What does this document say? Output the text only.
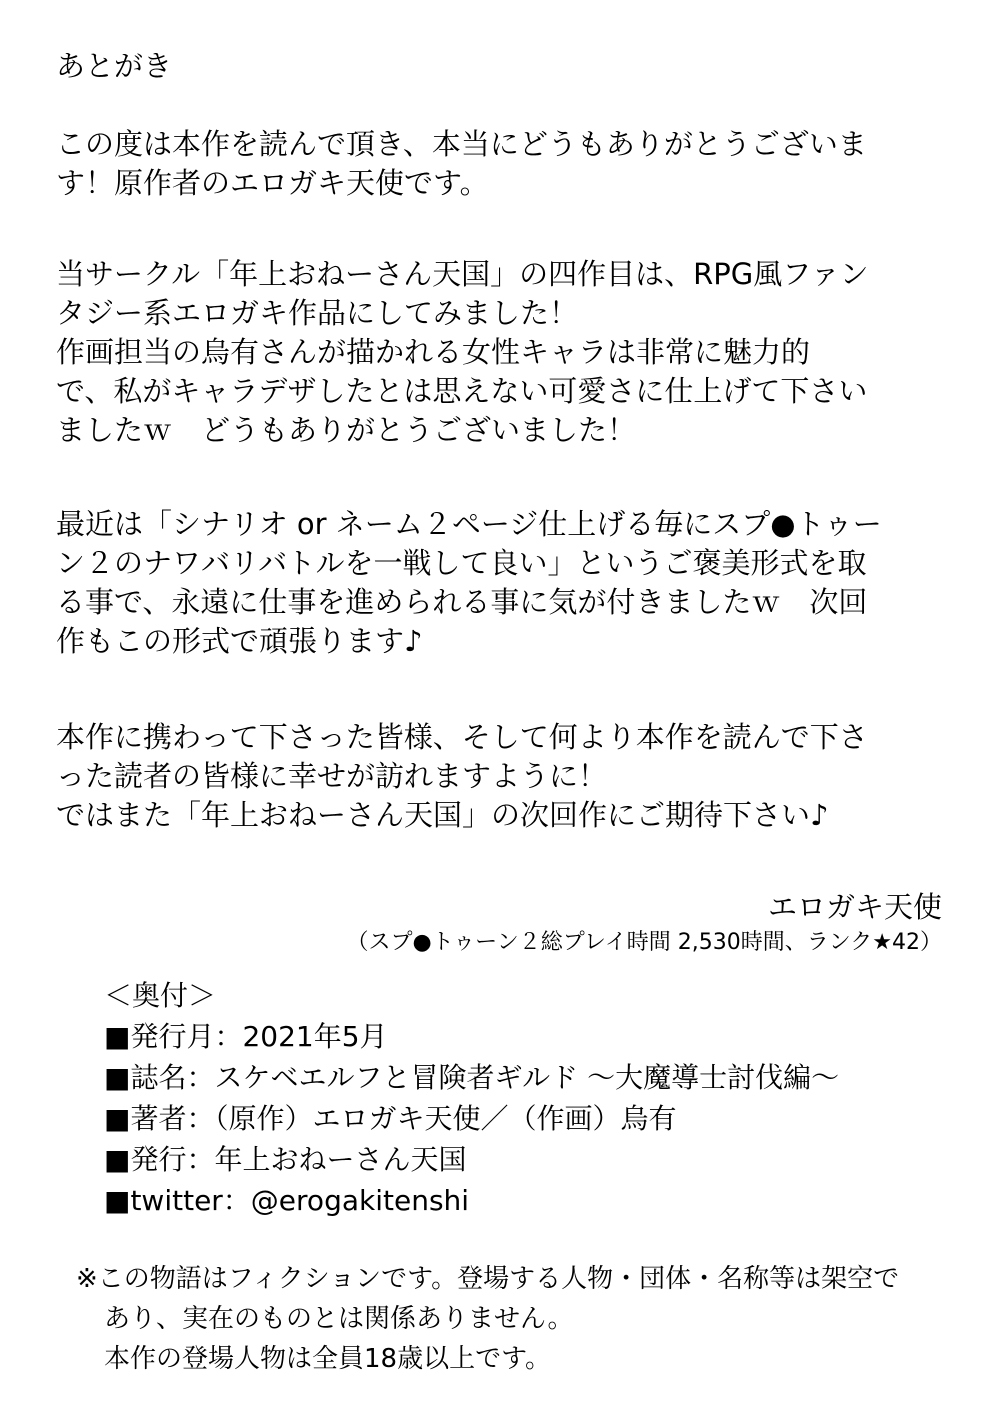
あとがき
この度は本作を読んで頂き、本当にどうもありがとうございま
す！原作者のエロガキ天使です。
当サークル「年上おねーさん天国」の四作目は、RPG風ファン
タジー系エロガキ作品にしてみました！
作画担当の烏有さんが描かれる女性キャラは非常に魅力的
で、私がキャラデザしたとは思えない可愛さに仕上げて下さい
ましたｗ　どうもありがとうございました！
最近は「シナリオ or ネーム２ページ仕上げる毎にスプ●トゥー
ン２のナワバリバトルを一戦して良い」というご褒美形式を取
る事で、永遠に仕事を進められる事に気が付きましたｗ　次回
作もこの形式で頑張ります♪
本作に携わって下さった皆様、そして何より本作を読んで下さ
った読者の皆様に幸せが訪れますように！
ではまた「年上おねーさん天国」の次回作にご期待下さい♪
エロガキ天使
（スプ●トゥーン２総プレイ時間 2,530時間、ランク★42）
＜奥付＞
■発行月：2021年5月
■誌名：スケベエルフと冒険者ギルド ～大魔導士討伐編～
■著者：（原作）エロガキ天使／（作画）烏有
■発行：年上おねーさん天国
■twitter：@erogakitenshi
※この物語はフィクションです。登場する人物・団体・名称等は架空で
あり、実在のものとは関係ありません。
本作の登場人物は全員18歳以上です。
